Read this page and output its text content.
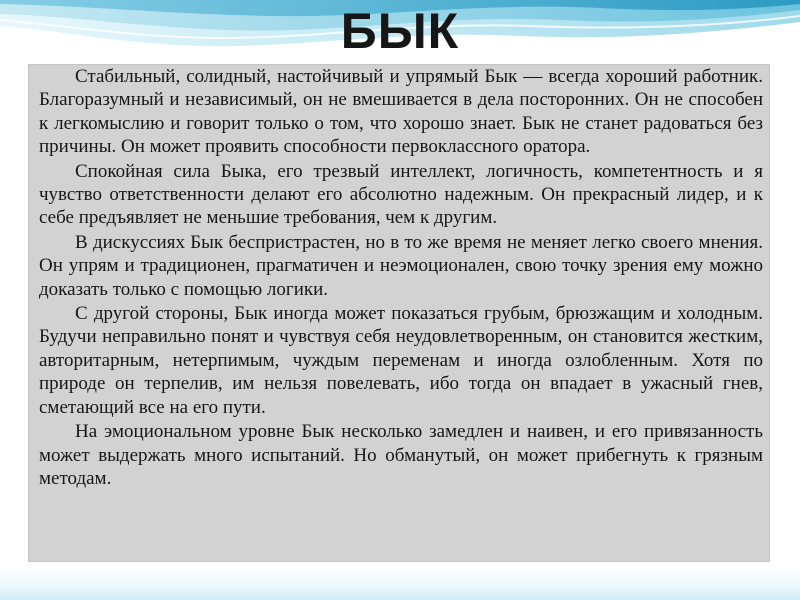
БЫК

Стабильный, солидный, настойчивый и упрямый Бык — всегда хороший работник. Благоразумный и независимый, он не вмешивается в дела посторонних. Он не способен к легкомыслию и говорит только о том, что хорошо знает. Бык не станет радоваться без причины. Он может проявить способности первоклассного оратора.

Спокойная сила Быка, его трезвый интеллект, логичность, компетентность и я чувство ответственности делают его абсолютно надежным. Он прекрасный лидер, и к себе предъявляет не меньшие требования, чем к другим.

В дискуссиях Бык беспристрастен, но в то же время не меняет легко своего мнения. Он упрям и традиционен, прагматичен и неэмоционален, свою точку зрения ему можно доказать только с помощью логики.

С другой стороны, Бык иногда может показаться грубым, брюзжащим и холодным. Будучи неправильно понят и чувствуя себя неудовлетворенным, он становится жестким, авторитарным, нетерпимым, чуждым переменам и иногда озлобленным. Хотя по природе он терпелив, им нельзя повелевать, ибо тогда он впадает в ужасный гнев, сметающий все на его пути.

На эмоциональном уровне Бык несколько замедлен и наивен, и его привязанность может выдержать много испытаний. Но обманутый, он может прибегнуть к грязным методам.
